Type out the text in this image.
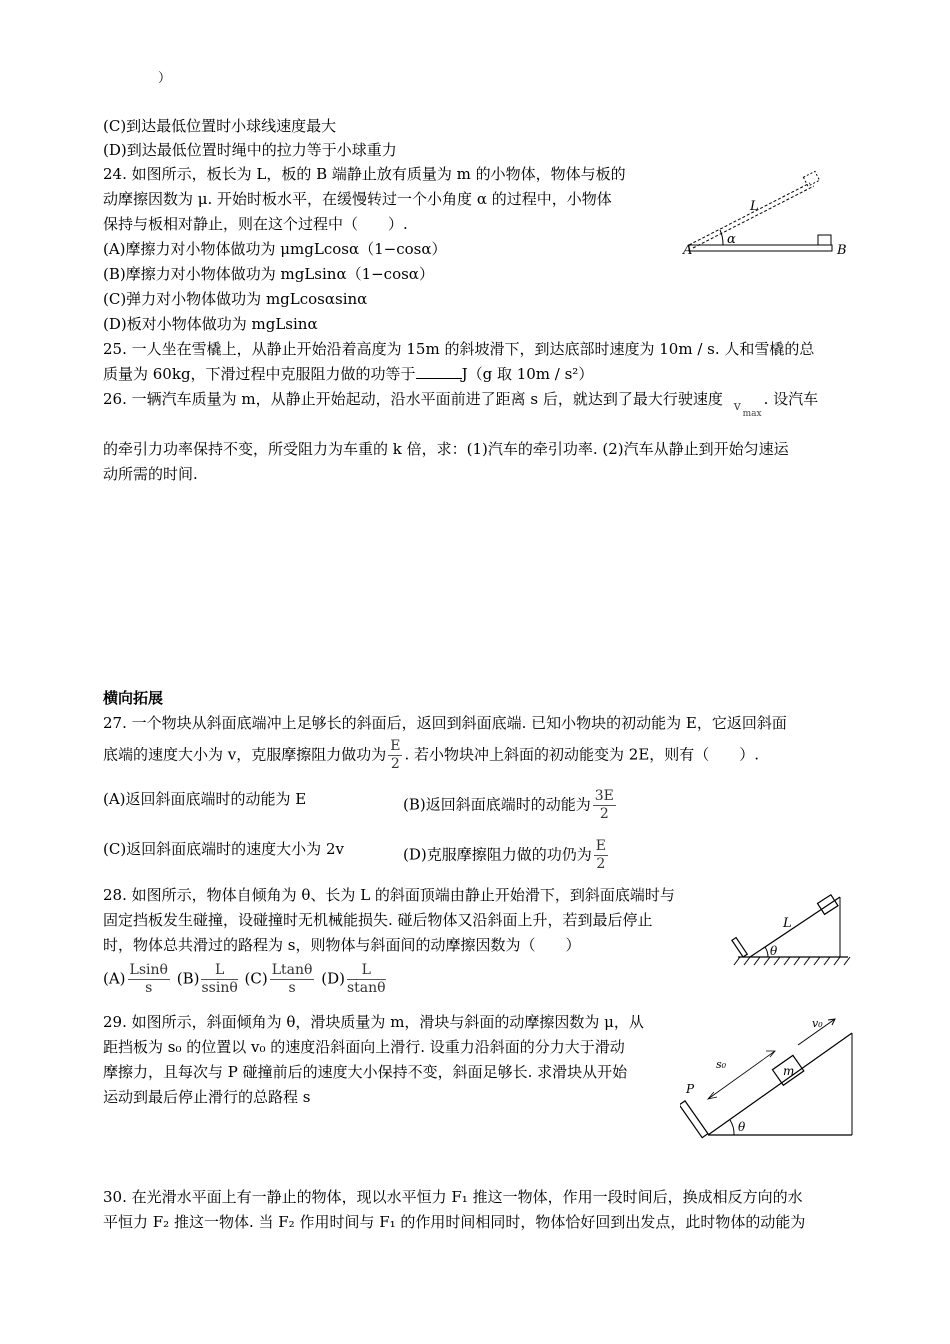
）
(C)到达最低位置时小球线速度最大
(D)到达最低位置时绳中的拉力等于小球重力
24. 如图所示，板长为 L，板的 B 端静止放有质量为 m 的小物体，物体与板的
动摩擦因数为 μ. 开始时板水平，在缓慢转过一个小角度 α 的过程中，小物体
保持与板相对静止，则在这个过程中（　　）.
(A)摩擦力对小物体做功为 μmgLcosα（1−cosα）
(B)摩擦力对小物体做功为 mgLsinα（1−cosα）
(C)弹力对小物体做功为 mgLcosαsinα
(D)板对小物体做功为 mgLsinα
A	B
L
α
25. 一人坐在雪橇上，从静止开始沿着高度为 15m 的斜坡滑下，到达底部时速度为 10m / s. 人和雪橇的总
质量为 60kg，下滑过程中克服阻力做的功等于	J（g 取 10m / s²）
26. 一辆汽车质量为 m，从静止开始起动，沿水平面前进了距离 s 后，就达到了最大行驶速度 v max
. 设汽车
的牵引力功率保持不变，所受阻力为车重的 k 倍，求：(1)汽车的牵引功率. (2)汽车从静止到开始匀速运
动所需的时间.
横向拓展
27. 一个物块从斜面底端冲上足够长的斜面后，返回到斜面底端. 已知小物块的初动能为 E，它返回斜面
底端的速度大小为 v，克服摩擦阻力做功为 $\frac{E}{2}$ . 若小物块冲上斜面的初动能变为 2E，则有（　　）.
(A)返回斜面底端时的动能为 E	(B)返回斜面底端时的动能为 $\frac{3E}{2}$
(C)返回斜面底端时的速度大小为 2v	(D)克服摩擦阻力做的功仍为 $\frac{E}{2}$
28. 如图所示，物体自倾角为 θ、长为 L 的斜面顶端由静止开始滑下，到斜面底端时与
固定挡板发生碰撞，设碰撞时无机械能损失. 碰后物体又沿斜面上升，若到最后停止
时，物体总共滑过的路程为 s，则物体与斜面间的动摩擦因数为（　　）
$(A) \frac{Lsin\theta}{s} (B) \frac{L}{ssin\theta} (C) \frac{Ltan\theta}{s} (D) \frac{L}{stan\theta}$
L
θ
29. 如图所示，斜面倾角为 θ，滑块质量为 m，滑块与斜面的动摩擦因数为 μ，从
距挡板为 s₀ 的位置以 v₀ 的速度沿斜面向上滑行. 设重力沿斜面的分力大于滑动
摩擦力，且每次与 P 碰撞前后的速度大小保持不变，斜面足够长. 求滑块从开始
运动到最后停止滑行的总路程 s
v₀
s₀	m
P
θ
30. 在光滑水平面上有一静止的物体，现以水平恒力 F₁ 推这一物体，作用一段时间后，换成相反方向的水
平恒力 F₂ 推这一物体. 当 F₂ 作用时间与 F₁ 的作用时间相同时，物体恰好回到出发点，此时物体的动能为
